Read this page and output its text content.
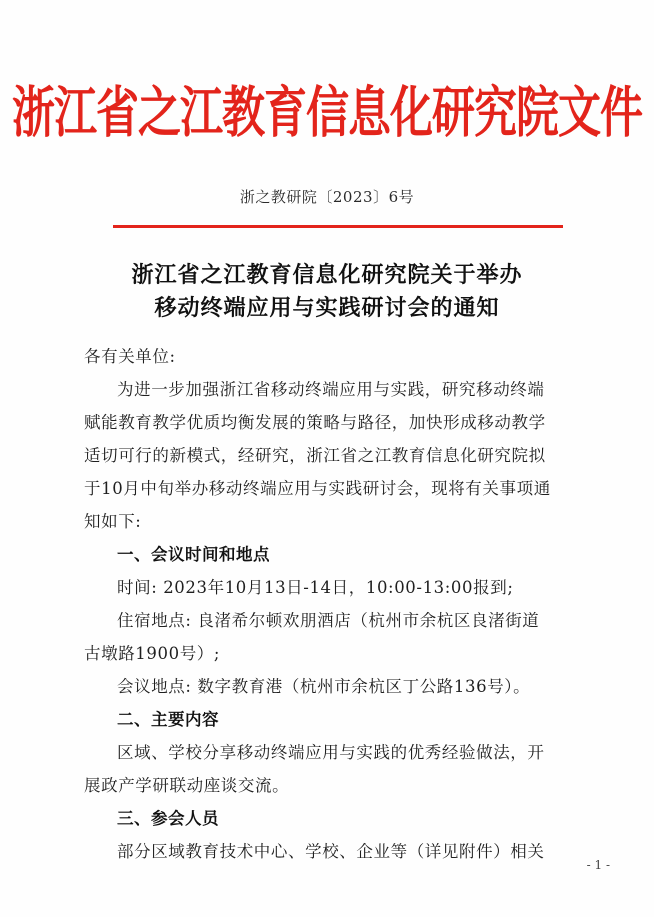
浙江省之江教育信息化研究院文件
浙之教研院〔2023〕6号
浙江省之江教育信息化研究院关于举办
移动终端应用与实践研讨会的通知
各有关单位:
为进一步加强浙江省移动终端应用与实践，研究移动终端
赋能教育教学优质均衡发展的策略与路径，加快形成移动教学
适切可行的新模式，经研究，浙江省之江教育信息化研究院拟
于10月中旬举办移动终端应用与实践研讨会，现将有关事项通
知如下:
一、会议时间和地点
时间: 2023年10月13日-14日，10:00-13:00报到;
住宿地点: 良渚希尔顿欢朋酒店（杭州市余杭区良渚街道
古墩路1900号）;
会议地点: 数字教育港（杭州市余杭区丁公路136号）。
二、主要内容
区域、学校分享移动终端应用与实践的优秀经验做法，开
展政产学研联动座谈交流。
三、参会人员
部分区域教育技术中心、学校、企业等（详见附件）相关
- 1 -
